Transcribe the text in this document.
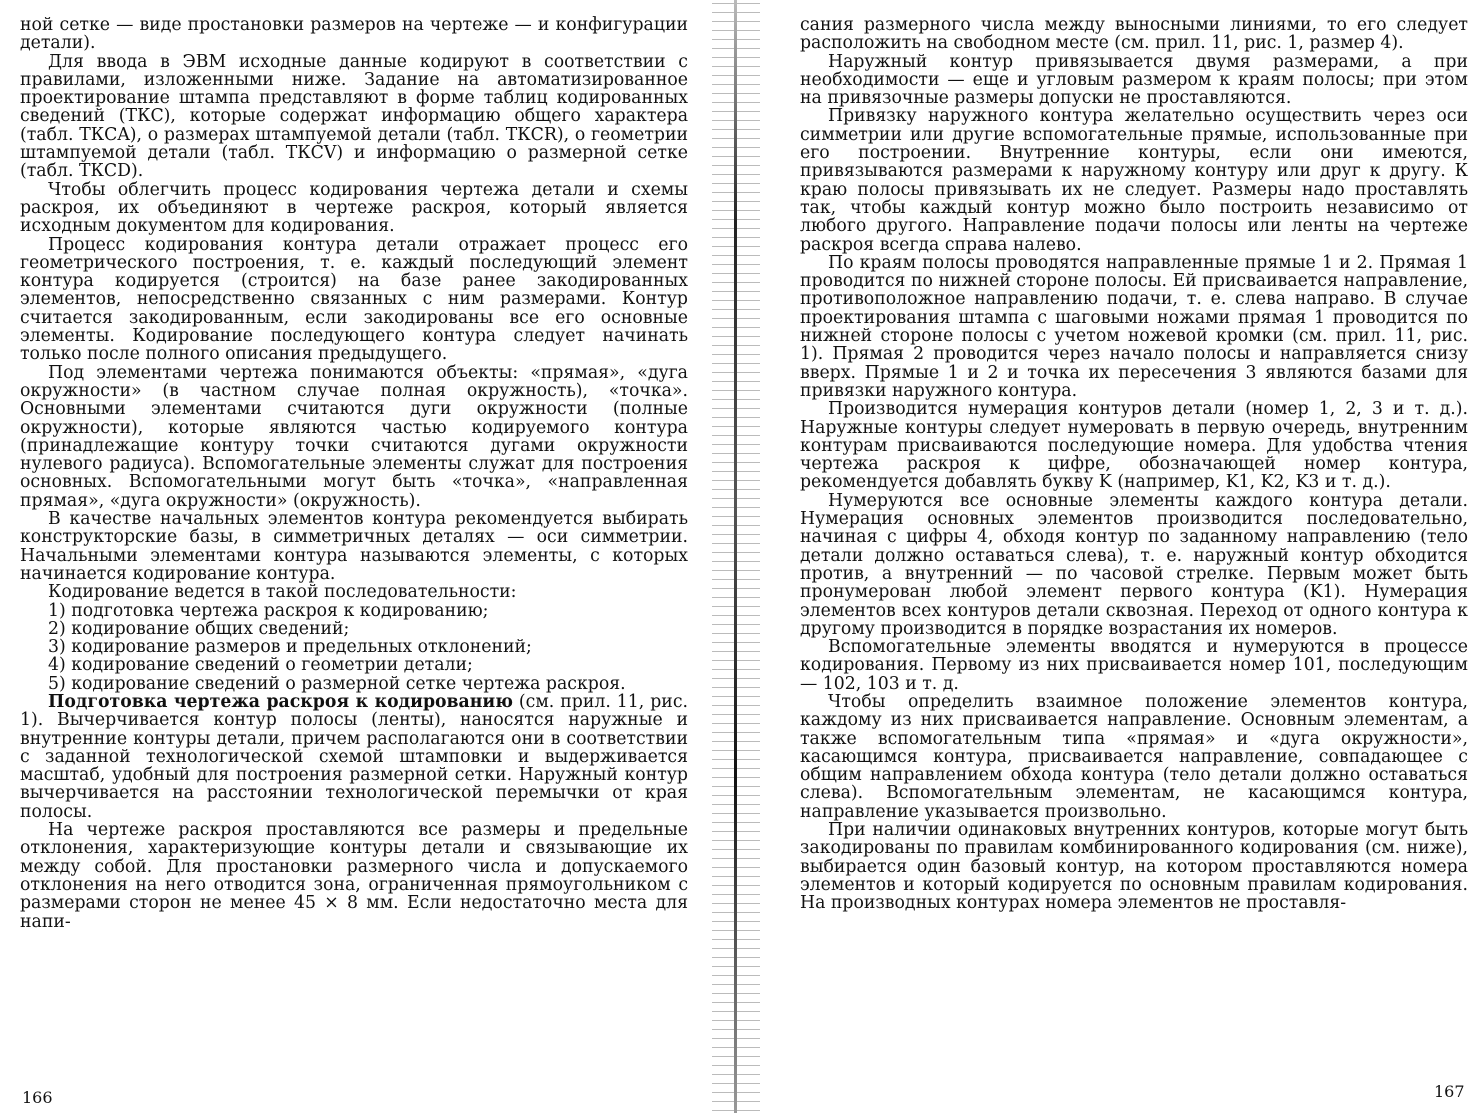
ной сетке — виде простановки размеров на чертеже — и конфигурации детали).

Для ввода в ЭВМ исходные данные кодируют в соответствии с правилами, изложенными ниже. Задание на автоматизированное проектирование штампа представляют в форме таблиц кодированных сведений (ТКС), которые содержат информацию общего характера (табл. ТКСA), о размерах штампуемой детали (табл. ТКСR), о геометрии штампуемой детали (табл. ТКСV) и информацию о размерной сетке (табл. ТКСD).

Чтобы облегчить процесс кодирования чертежа детали и схемы раскроя, их объединяют в чертеже раскроя, который является исходным документом для кодирования.

Процесс кодирования контура детали отражает процесс его геометрического построения, т. е. каждый последующий элемент контура кодируется (строится) на базе ранее закодированных элементов, непосредственно связанных с ним размерами. Контур считается закодированным, если закодированы все его основные элементы. Кодирование последующего контура следует начинать только после полного описания предыдущего.

Под элементами чертежа понимаются объекты: «прямая», «дуга окружности» (в частном случае полная окружность), «точка». Основными элементами считаются дуги окружности (полные окружности), которые являются частью кодируемого контура (принадлежащие контуру точки считаются дугами окружности нулевого радиуса). Вспомогательные элементы служат для построения основных. Вспомогательными могут быть «точка», «направленная прямая», «дуга окружности» (окружность).

В качестве начальных элементов контура рекомендуется выбирать конструкторские базы, в симметричных деталях — оси симметрии. Начальными элементами контура называются элементы, с которых начинается кодирование контура.

Кодирование ведется в такой последовательности:

1) подготовка чертежа раскроя к кодированию;

2) кодирование общих сведений;

3) кодирование размеров и предельных отклонений;

4) кодирование сведений о геометрии детали;

5) кодирование сведений о размерной сетке чертежа раскроя.

Подготовка чертежа раскроя к кодированию (см. прил. 11, рис. 1). Вычерчивается контур полосы (ленты), наносятся наружные и внутренние контуры детали, причем располагаются они в соответствии с заданной технологической схемой штамповки и выдерживается масштаб, удобный для построения размерной сетки. Наружный контур вычерчивается на расстоянии технологической перемычки от края полосы.

На чертеже раскроя проставляются все размеры и предельные отклонения, характеризующие контуры детали и связывающие их между собой. Для простановки размерного числа и допускаемого отклонения на него отводится зона, ограниченная прямоугольником с размерами сторон не менее 45 × 8 мм. Если недостаточно места для напи-

сания размерного числа между выносными линиями, то его следует расположить на свободном месте (см. прил. 11, рис. 1, размер 4).

Наружный контур привязывается двумя размерами, а при необходимости — еще и угловым размером к краям полосы; при этом на привязочные размеры допуски не проставляются.

Привязку наружного контура желательно осуществить через оси симметрии или другие вспомогательные прямые, использованные при его построении. Внутренние контуры, если они имеются, привязываются размерами к наружному контуру или друг к другу. К краю полосы привязывать их не следует. Размеры надо проставлять так, чтобы каждый контур можно было построить независимо от любого другого. Направление подачи полосы или ленты на чертеже раскроя всегда справа налево.

По краям полосы проводятся направленные прямые 1 и 2. Прямая 1 проводится по нижней стороне полосы. Ей присваивается направление, противоположное направлению подачи, т. е. слева направо. В случае проектирования штампа с шаговыми ножами прямая 1 проводится по нижней стороне полосы с учетом ножевой кромки (см. прил. 11, рис. 1). Прямая 2 проводится через начало полосы и направляется снизу вверх. Прямые 1 и 2 и точка их пересечения 3 являются базами для привязки наружного контура.

Производится нумерация контуров детали (номер 1, 2, 3 и т. д.). Наружные контуры следует нумеровать в первую очередь, внутренним контурам присваиваются последующие номера. Для удобства чтения чертежа раскроя к цифре, обозначающей номер контура, рекомендуется добавлять букву K (например, K1, K2, K3 и т. д.).

Нумеруются все основные элементы каждого контура детали. Нумерация основных элементов производится последовательно, начиная с цифры 4, обходя контур по заданному направлению (тело детали должно оставаться слева), т. е. наружный контур обходится против, а внутренний — по часовой стрелке. Первым может быть пронумерован любой элемент первого контура (K1). Нумерация элементов всех контуров детали сквозная. Переход от одного контура к другому производится в порядке возрастания их номеров.

Вспомогательные элементы вводятся и нумеруются в процессе кодирования. Первому из них присваивается номер 101, последующим — 102, 103 и т. д.

Чтобы определить взаимное положение элементов контура, каждому из них присваивается направление. Основным элементам, а также вспомогательным типа «прямая» и «дуга окружности», касающимся контура, присваивается направление, совпадающее с общим направлением обхода контура (тело детали должно оставаться слева). Вспомогательным элементам, не касающимся контура, направление указывается произвольно.

При наличии одинаковых внутренних контуров, которые могут быть закодированы по правилам комбинированного кодирования (см. ниже), выбирается один базовый контур, на котором проставляются номера элементов и который кодируется по основным правилам кодирования. На производных контурах номера элементов не проставля-

166	167
